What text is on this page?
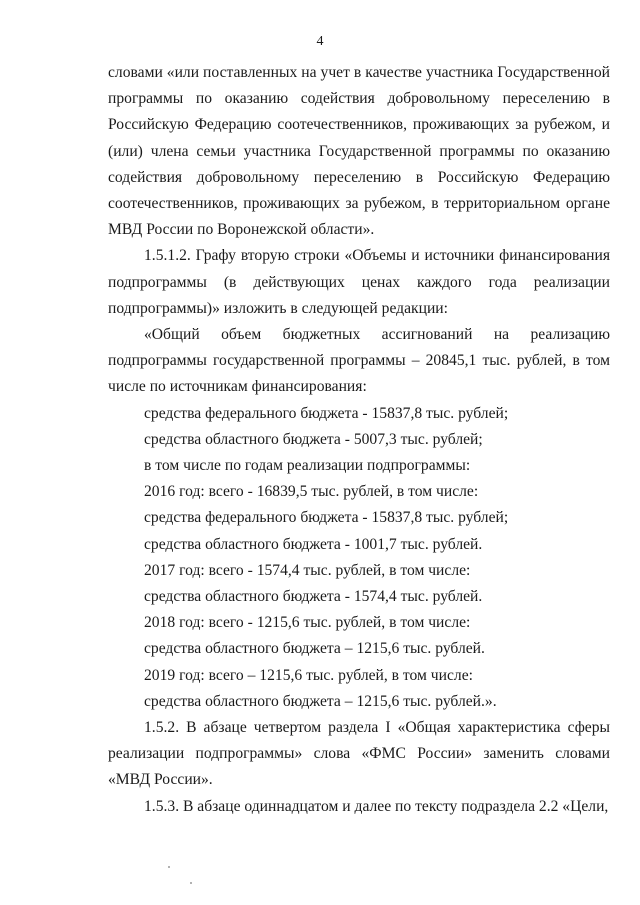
4

словами «или поставленных на учет в качестве участника Государственной программы по оказанию содействия добровольному переселению в Российскую Федерацию соотечественников, проживающих за рубежом, и (или) члена семьи участника Государственной программы по оказанию содействия добровольному переселению в Российскую Федерацию соотечественников, проживающих за рубежом, в территориальном органе МВД России по Воронежской области».

1.5.1.2. Графу вторую строки «Объемы и источники финансирования подпрограммы (в действующих ценах каждого года реализации подпрограммы)» изложить в следующей редакции:

«Общий объем бюджетных ассигнований на реализацию подпрограммы государственной программы – 20845,1 тыс. рублей, в том числе по источникам финансирования:

средства федерального бюджета - 15837,8 тыс. рублей;

средства областного бюджета - 5007,3 тыс. рублей;

в том числе по годам реализации подпрограммы:

2016 год: всего - 16839,5 тыс. рублей, в том числе:

средства федерального бюджета - 15837,8 тыс. рублей;

средства областного бюджета - 1001,7 тыс. рублей.

2017 год: всего - 1574,4 тыс. рублей, в том числе:

средства областного бюджета - 1574,4 тыс. рублей.

2018 год: всего - 1215,6 тыс. рублей, в том числе:

средства областного бюджета – 1215,6 тыс. рублей.

2019 год: всего – 1215,6 тыс. рублей, в том числе:

средства областного бюджета – 1215,6 тыс. рублей.».

1.5.2. В абзаце четвертом раздела I «Общая характеристика сферы реализации подпрограммы» слова «ФМС России» заменить словами «МВД России».

1.5.3. В абзаце одиннадцатом и далее по тексту подраздела 2.2 «Цели,
